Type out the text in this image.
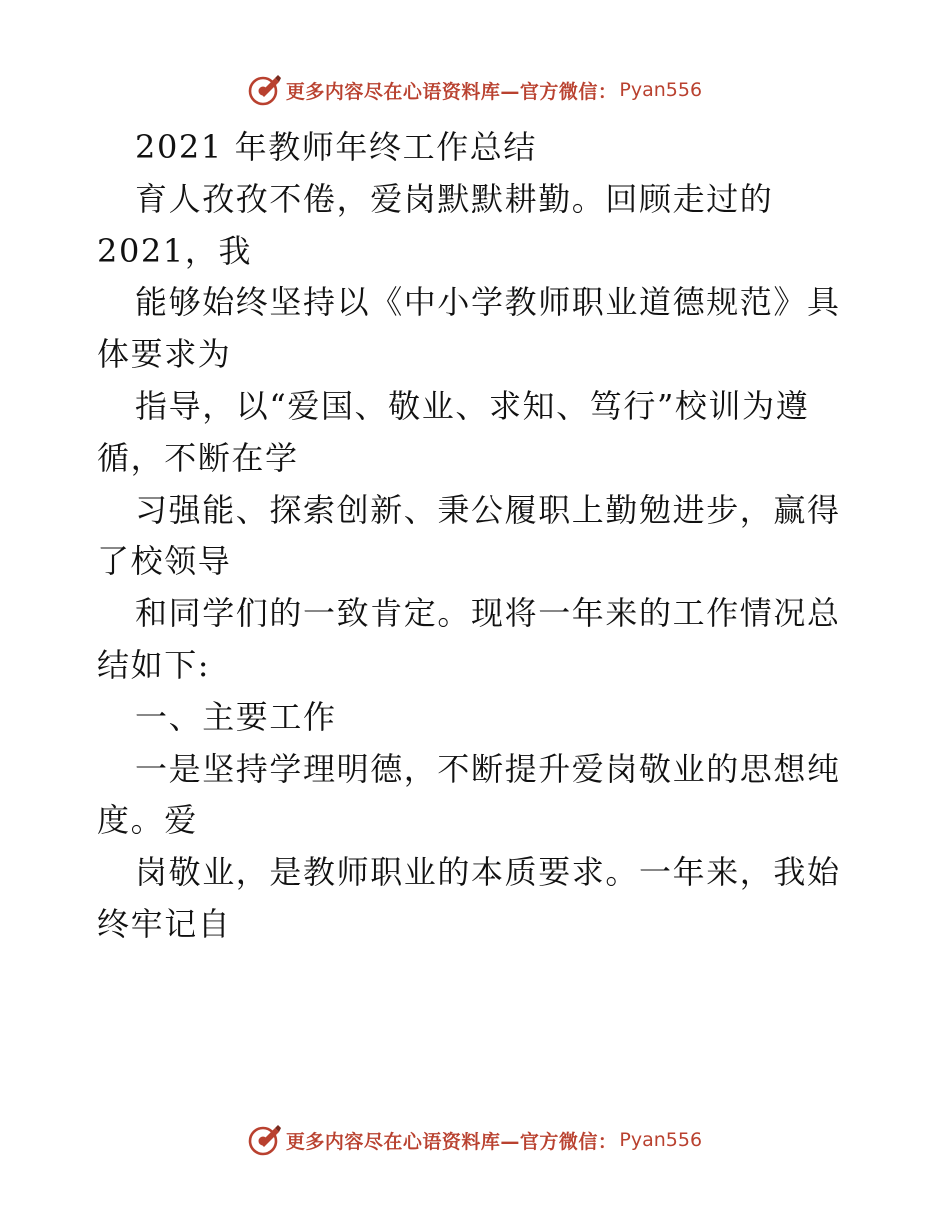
更多内容尽在心语资料库—官方微信： Pyan556
2021 年教师年终工作总结
育人孜孜不倦，爱岗默默耕勤。回顾走过的
2021，我
能够始终坚持以《中小学教师职业道德规范》具
体要求为
指导，以“爱国、敬业、求知、笃行”校训为遵
循，不断在学
习强能、探索创新、秉公履职上勤勉进步，赢得
了校领导
和同学们的一致肯定。现将一年来的工作情况总
结如下:
一、主要工作
一是坚持学理明德，不断提升爱岗敬业的思想纯
度。爱
岗敬业，是教师职业的本质要求。一年来，我始
终牢记自
更多内容尽在心语资料库—官方微信： Pyan556
